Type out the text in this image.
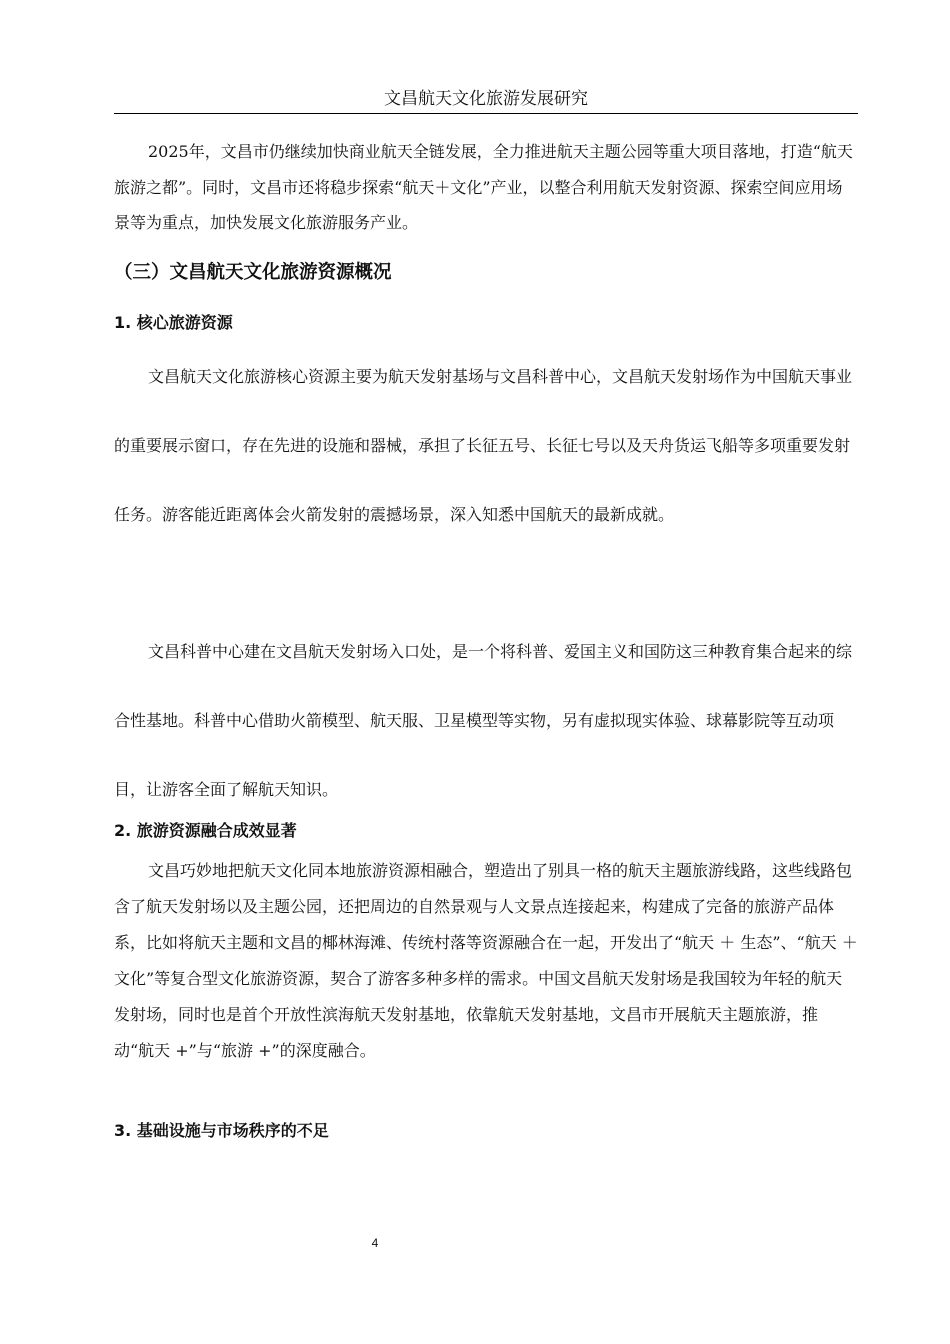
文昌航天文化旅游发展研究

2025年，文昌市仍继续加快商业航天全链发展，全力推进航天主题公园等重大项目落地，打造“航天旅游之都”。同时，文昌市还将稳步探索“航天＋文化”产业，以整合利用航天发射资源、探索空间应用场景等为重点，加快发展文化旅游服务产业。

（三）文昌航天文化旅游资源概况
1. 核心旅游资源

文昌航天文化旅游核心资源主要为航天发射基场与文昌科普中心，文昌航天发射场作为中国航天事业的重要展示窗口，存在先进的设施和器械，承担了长征五号、长征七号以及天舟货运飞船等多项重要发射任务。游客能近距离体会火箭发射的震撼场景，深入知悉中国航天的最新成就。

文昌科普中心建在文昌航天发射场入口处，是一个将科普、爱国主义和国防这三种教育集合起来的综合性基地。科普中心借助火箭模型、航天服、卫星模型等实物，另有虚拟现实体验、球幕影院等互动项目，让游客全面了解航天知识。

2. 旅游资源融合成效显著

文昌巧妙地把航天文化同本地旅游资源相融合，塑造出了别具一格的航天主题旅游线路，这些线路包含了航天发射场以及主题公园，还把周边的自然景观与人文景点连接起来，构建成了完备的旅游产品体系，比如将航天主题和文昌的椰林海滩、传统村落等资源融合在一起，开发出了“航天 ＋ 生态”、“航天 ＋ 文化”等复合型文化旅游资源，契合了游客多种多样的需求。中国文昌航天发射场是我国较为年轻的航天发射场，同时也是首个开放性滨海航天发射基地，依靠航天发射基地，文昌市开展航天主题旅游，推动“航天 +”与“旅游 +”的深度融合。

3. 基础设施与市场秩序的不足
4
